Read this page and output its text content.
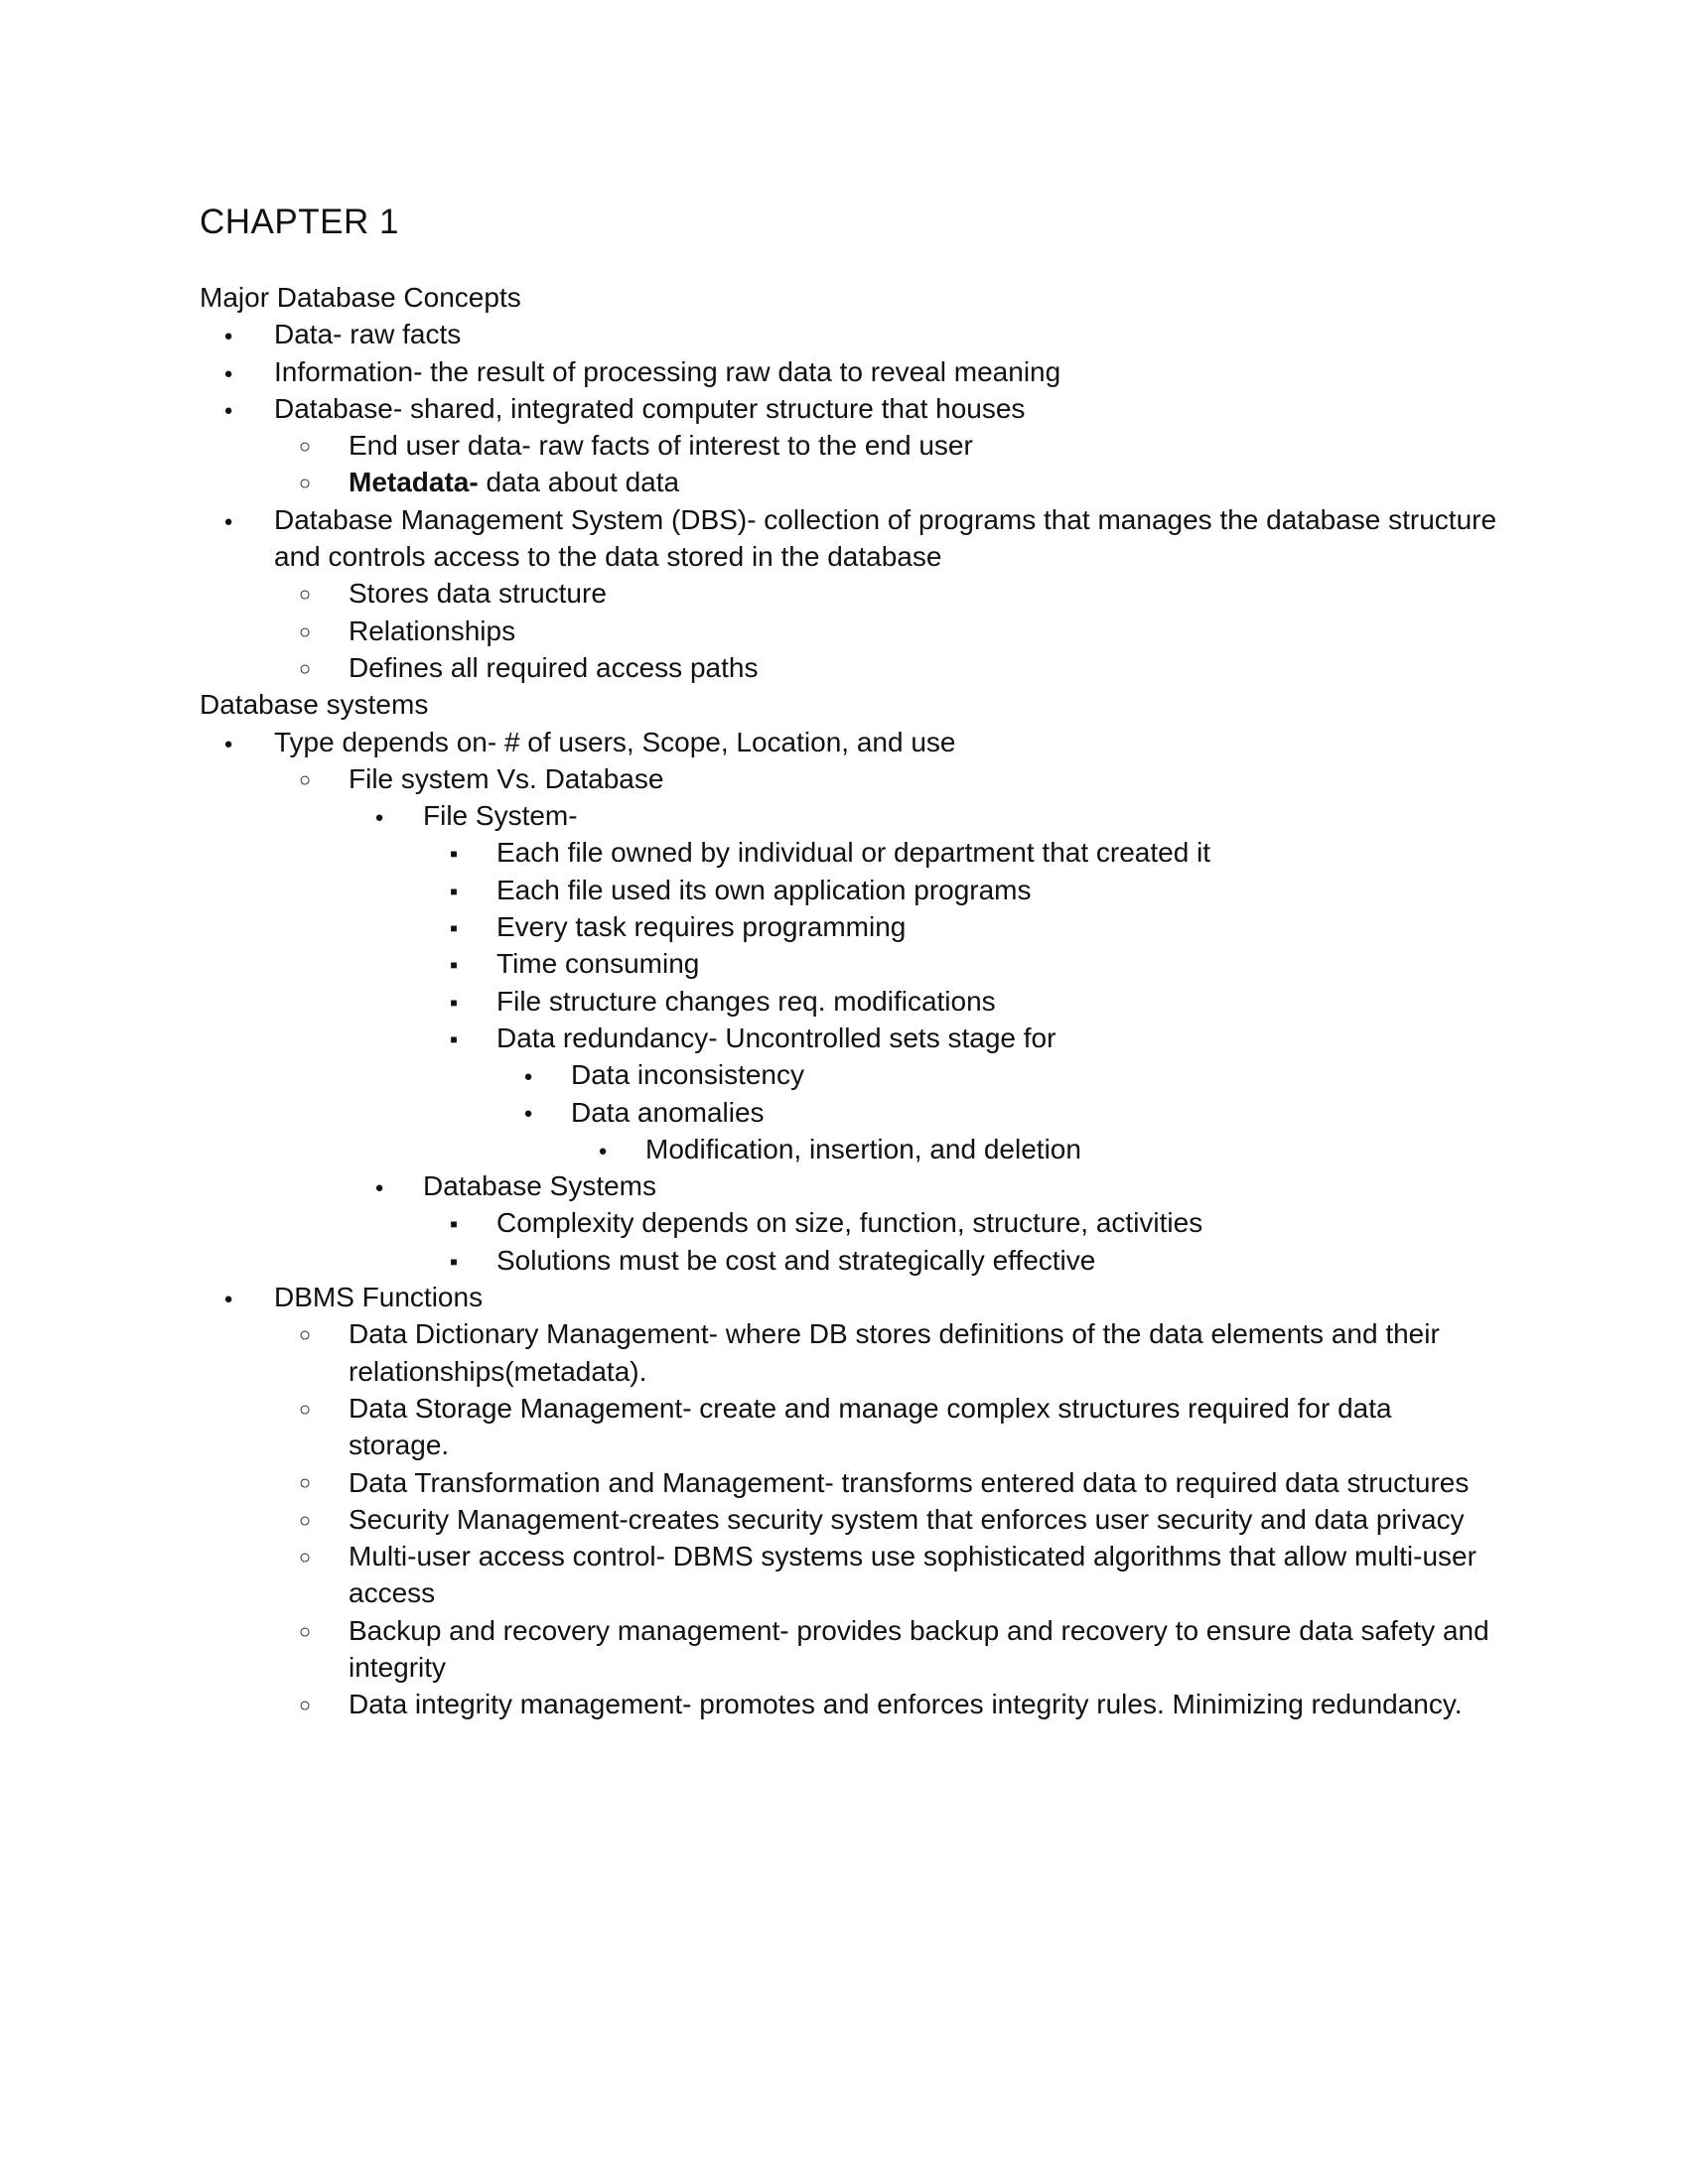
CHAPTER 1
Major Database Concepts
●
Data- raw facts
●
Information- the result of processing raw data to reveal meaning
●
Database- shared, integrated computer structure that houses
○
End user data- raw facts of interest to the end user
○
Metadata- data about data
●
Database Management System (DBS)- collection of programs that manages the database structure
and controls access to the data stored in the database
○
Stores data structure
○
Relationships
○
Defines all required access paths
Database systems
●
Type depends on- # of users, Scope, Location, and use
○
File system Vs. Database
●
File System-
■
Each file owned by individual or department that created it
■
Each file used its own application programs
■
Every task requires programming
■
Time consuming
■
File structure changes req. modifications
■
Data redundancy- Uncontrolled sets stage for
●
Data inconsistency
●
Data anomalies
●
Modification, insertion, and deletion
●
Database Systems
■
Complexity depends on size, function, structure, activities
■
Solutions must be cost and strategically effective
●
DBMS Functions
○
Data Dictionary Management- where DB stores definitions of the data elements and their
relationships(metadata).
○
Data Storage Management- create and manage complex structures required for data
storage.
○
Data Transformation and Management- transforms entered data to required data structures
○
Security Management-creates security system that enforces user security and data privacy
○
Multi-user access control- DBMS systems use sophisticated algorithms that allow multi-user
access
○
Backup and recovery management- provides backup and recovery to ensure data safety and
integrity
○
Data integrity management- promotes and enforces integrity rules. Minimizing redundancy.
